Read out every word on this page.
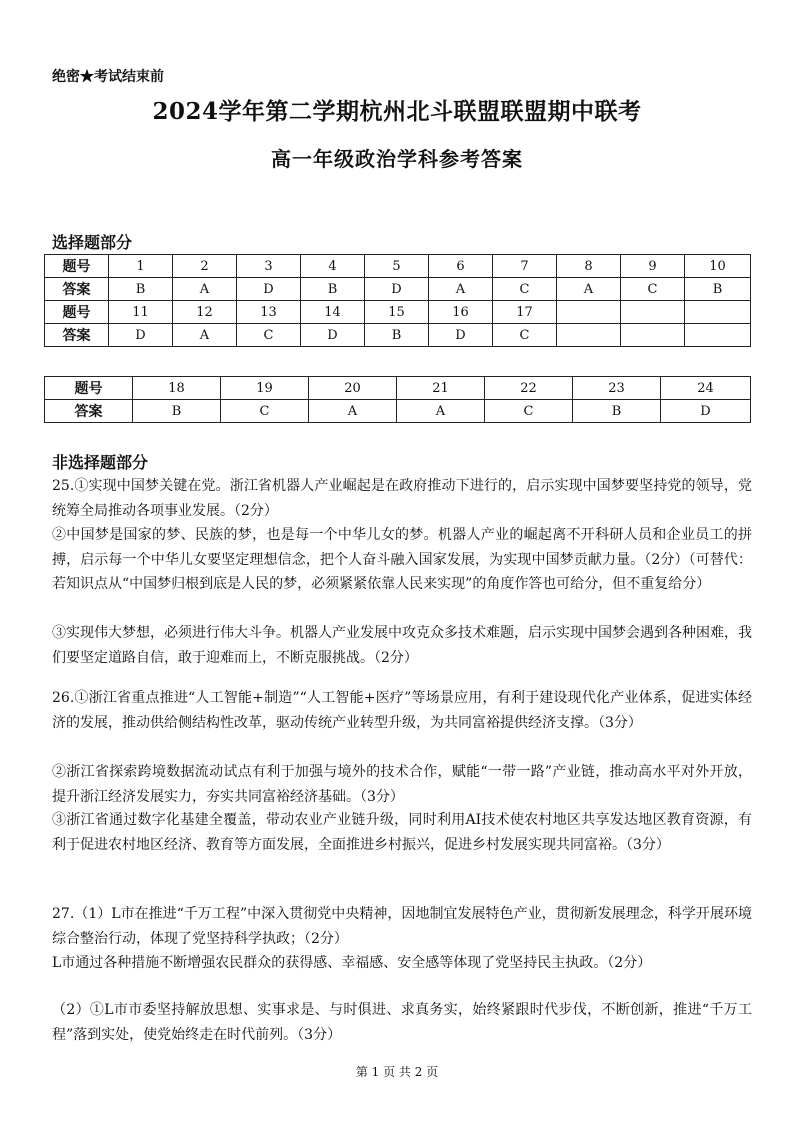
绝密★考试结束前
2024学年第二学期杭州北斗联盟联盟期中联考
高一年级政治学科参考答案
选择题部分
题号	1	2	3	4	5	6	7	8	9	10
答案	B	A	D	B	D	A	C	A	C	B
题号	11	12	13	14	15	16	17			
答案	D	A	C	D	B	D	C			
题号	18	19	20	21	22	23	24
答案	B	C	A	A	C	B	D
非选择题部分
25.①实现中国梦关键在党。浙江省机器人产业崛起是在政府推动下进行的，启示实现中国梦要坚持党的领导，党统筹全局推动各项事业发展。（2分）
②中国梦是国家的梦、民族的梦，也是每一个中华儿女的梦。机器人产业的崛起离不开科研人员和企业员工的拼搏，启示每一个中华儿女要坚定理想信念，把个人奋斗融入国家发展，为实现中国梦贡献力量。（2分）（可替代：若知识点从“中国梦归根到底是人民的梦，必须紧紧依靠人民来实现”的角度作答也可给分，但不重复给分）
③实现伟大梦想，必须进行伟大斗争。机器人产业发展中攻克众多技术难题，启示实现中国梦会遇到各种困难，我们要坚定道路自信，敢于迎难而上，不断克服挑战。（2分）
26.①浙江省重点推进“人工智能+制造”“人工智能+医疗”等场景应用，有利于建设现代化产业体系，促进实体经济的发展，推动供给侧结构性改革，驱动传统产业转型升级，为共同富裕提供经济支撑。（3分）
②浙江省探索跨境数据流动试点有利于加强与境外的技术合作，赋能“一带一路”产业链，推动高水平对外开放，提升浙江经济发展实力，夯实共同富裕经济基础。（3分）
③浙江省通过数字化基建全覆盖，带动农业产业链升级，同时利用AI技术使农村地区共享发达地区教育资源，有利于促进农村地区经济、教育等方面发展，全面推进乡村振兴，促进乡村发展实现共同富裕。（3分）
27.（1）L市在推进“千万工程”中深入贯彻党中央精神，因地制宜发展特色产业，贯彻新发展理念，科学开展环境综合整治行动，体现了党坚持科学执政；（2分）
L市通过各种措施不断增强农民群众的获得感、幸福感、安全感等体现了党坚持民主执政。（2分）
（2）①L市市委坚持解放思想、实事求是、与时俱进、求真务实，始终紧跟时代步伐，不断创新，推进“千万工程”落到实处，使党始终走在时代前列。（3分）
第 1 页 共 2 页
